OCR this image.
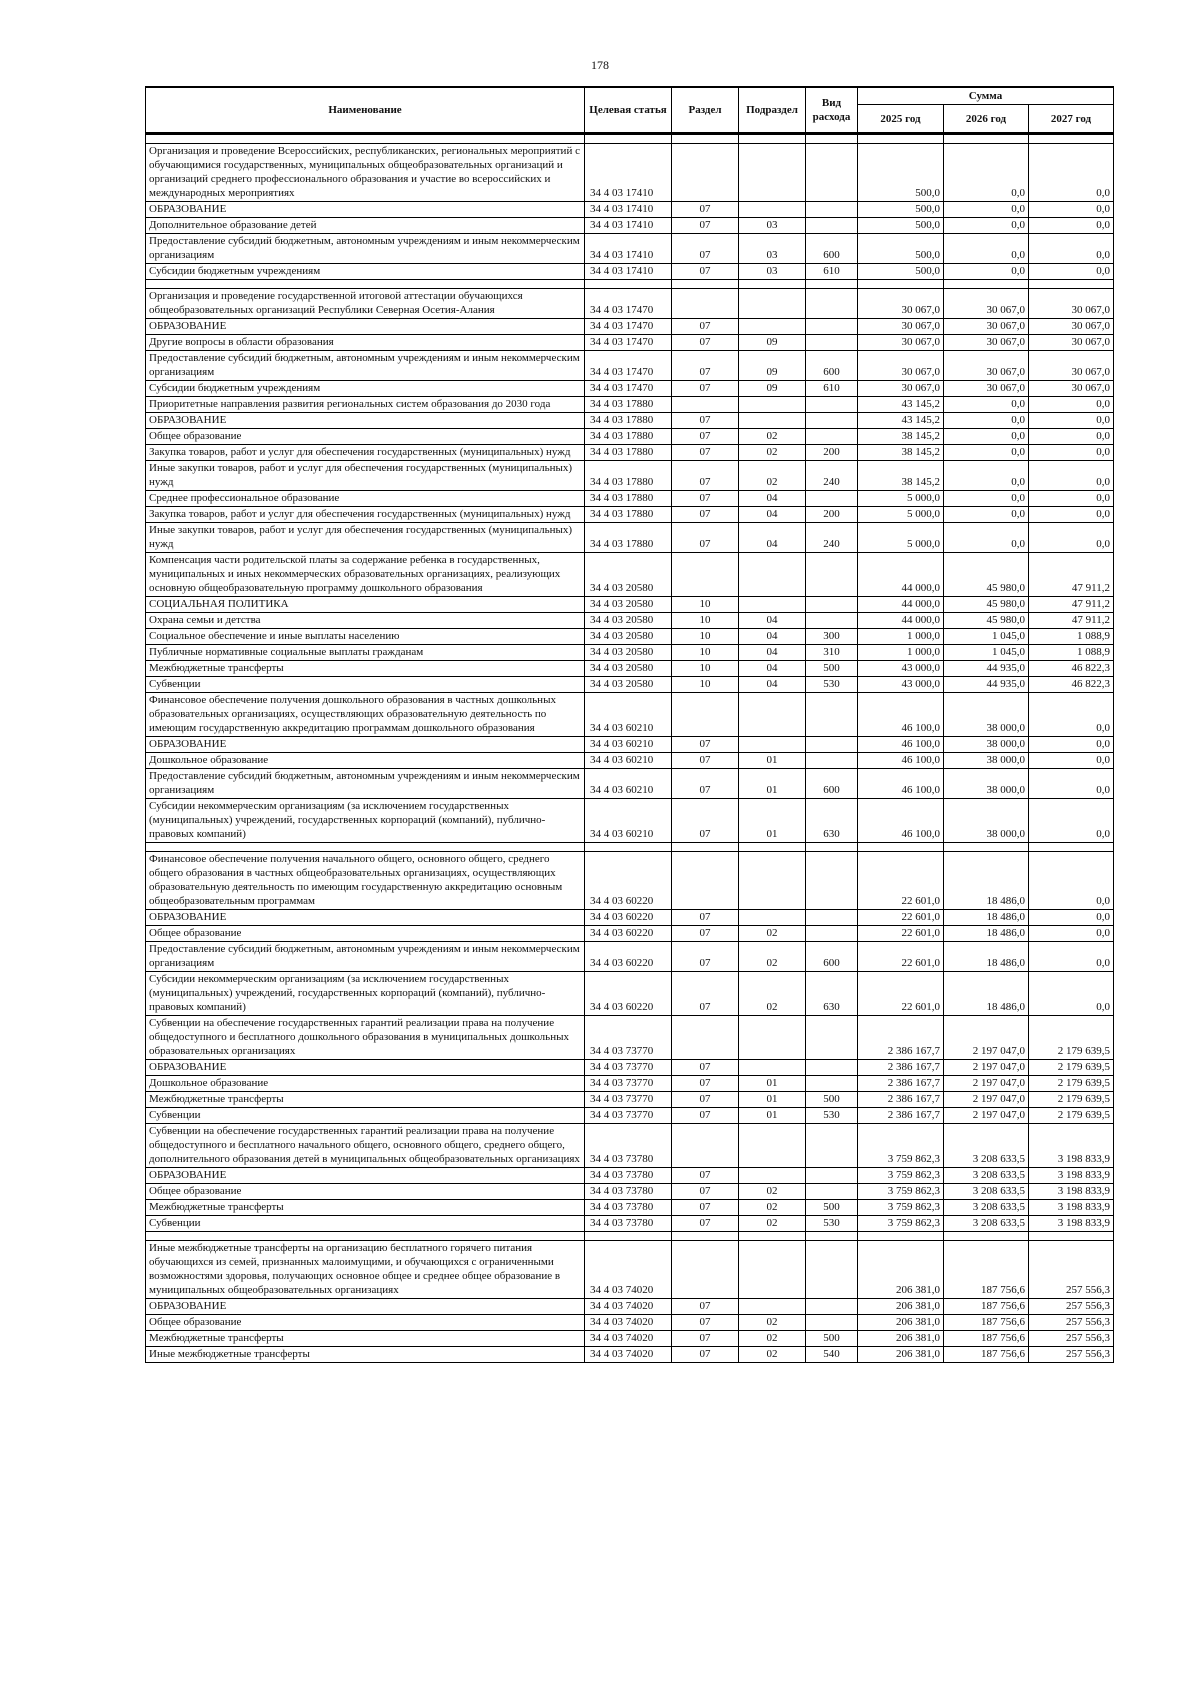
178
Наименование	Целевая статья	Раздел	Подраздел	Вид расхода	Сумма		
					2025 год	2026 год	2027 год

Организация и проведение Всероссийских, республиканских, региональных мероприятий с обучающимися государственных, муниципальных общеобразовательных организаций и организаций среднего профессионального образования и участие во всероссийских и международных мероприятиях	34 4 03 17410				500,0	0,0	0,0
ОБРАЗОВАНИЕ	34 4 03 17410	07			500,0	0,0	0,0
Дополнительное образование детей	34 4 03 17410	07	03		500,0	0,0	0,0
Предоставление субсидий бюджетным, автономным учреждениям и иным некоммерческим организациям	34 4 03 17410	07	03	600	500,0	0,0	0,0
Субсидии бюджетным учреждениям	34 4 03 17410	07	03	610	500,0	0,0	0,0

Организация и проведение государственной итоговой аттестации обучающихся общеобразовательных организаций Республики Северная Осетия-Алания	34 4 03 17470				30 067,0	30 067,0	30 067,0
ОБРАЗОВАНИЕ	34 4 03 17470	07			30 067,0	30 067,0	30 067,0
Другие вопросы в области образования	34 4 03 17470	07	09		30 067,0	30 067,0	30 067,0
Предоставление субсидий бюджетным, автономным учреждениям и иным некоммерческим организациям	34 4 03 17470	07	09	600	30 067,0	30 067,0	30 067,0
Субсидии бюджетным учреждениям	34 4 03 17470	07	09	610	30 067,0	30 067,0	30 067,0
Приоритетные направления развития региональных систем образования до 2030 года	34 4 03 17880				43 145,2	0,0	0,0
ОБРАЗОВАНИЕ	34 4 03 17880	07			43 145,2	0,0	0,0
Общее образование	34 4 03 17880	07	02		38 145,2	0,0	0,0
Закупка товаров, работ и услуг для обеспечения государственных (муниципальных) нужд	34 4 03 17880	07	02	200	38 145,2	0,0	0,0
Иные закупки товаров, работ и услуг для обеспечения государственных (муниципальных) нужд	34 4 03 17880	07	02	240	38 145,2	0,0	0,0
Среднее профессиональное образование	34 4 03 17880	07	04		5 000,0	0,0	0,0
Закупка товаров, работ и услуг для обеспечения государственных (муниципальных) нужд	34 4 03 17880	07	04	200	5 000,0	0,0	0,0
Иные закупки товаров, работ и услуг для обеспечения государственных (муниципальных) нужд	34 4 03 17880	07	04	240	5 000,0	0,0	0,0
Компенсация части родительской платы за содержание ребенка в государственных, муниципальных и иных некоммерческих образовательных организациях, реализующих основную общеобразовательную программу дошкольного образования	34 4 03 20580				44 000,0	45 980,0	47 911,2
СОЦИАЛЬНАЯ ПОЛИТИКА	34 4 03 20580	10			44 000,0	45 980,0	47 911,2
Охрана семьи и детства	34 4 03 20580	10	04		44 000,0	45 980,0	47 911,2
Социальное обеспечение и иные выплаты населению	34 4 03 20580	10	04	300	1 000,0	1 045,0	1 088,9
Публичные нормативные социальные выплаты гражданам	34 4 03 20580	10	04	310	1 000,0	1 045,0	1 088,9
Межбюджетные трансферты	34 4 03 20580	10	04	500	43 000,0	44 935,0	46 822,3
Субвенции	34 4 03 20580	10	04	530	43 000,0	44 935,0	46 822,3
Финансовое обеспечение получения дошкольного образования в частных дошкольных образовательных организациях, осуществляющих образовательную деятельность по имеющим государственную аккредитацию программам дошкольного образования	34 4 03 60210				46 100,0	38 000,0	0,0
ОБРАЗОВАНИЕ	34 4 03 60210	07			46 100,0	38 000,0	0,0
Дошкольное образование	34 4 03 60210	07	01		46 100,0	38 000,0	0,0
Предоставление субсидий бюджетным, автономным учреждениям и иным некоммерческим организациям	34 4 03 60210	07	01	600	46 100,0	38 000,0	0,0
Субсидии некоммерческим организациям (за исключением государственных (муниципальных) учреждений, государственных корпораций (компаний), публично-правовых компаний)	34 4 03 60210	07	01	630	46 100,0	38 000,0	0,0

Финансовое обеспечение получения начального общего, основного общего, среднего общего образования в частных общеобразовательных организациях, осуществляющих образовательную деятельность по имеющим государственную аккредитацию основным общеобразовательным программам	34 4 03 60220				22 601,0	18 486,0	0,0
ОБРАЗОВАНИЕ	34 4 03 60220	07			22 601,0	18 486,0	0,0
Общее образование	34 4 03 60220	07	02		22 601,0	18 486,0	0,0
Предоставление субсидий бюджетным, автономным учреждениям и иным некоммерческим организациям	34 4 03 60220	07	02	600	22 601,0	18 486,0	0,0
Субсидии некоммерческим организациям (за исключением государственных (муниципальных) учреждений, государственных корпораций (компаний), публично-правовых компаний)	34 4 03 60220	07	02	630	22 601,0	18 486,0	0,0
Субвенции на обеспечение государственных гарантий реализации права на получение общедоступного и бесплатного дошкольного образования в муниципальных дошкольных образовательных организациях	34 4 03 73770				2 386 167,7	2 197 047,0	2 179 639,5
ОБРАЗОВАНИЕ	34 4 03 73770	07			2 386 167,7	2 197 047,0	2 179 639,5
Дошкольное образование	34 4 03 73770	07	01		2 386 167,7	2 197 047,0	2 179 639,5
Межбюджетные трансферты	34 4 03 73770	07	01	500	2 386 167,7	2 197 047,0	2 179 639,5
Субвенции	34 4 03 73770	07	01	530	2 386 167,7	2 197 047,0	2 179 639,5
Субвенции на обеспечение государственных гарантий реализации права на получение общедоступного и бесплатного начального общего, основного общего, среднего общего, дополнительного образования детей в муниципальных общеобразовательных организациях	34 4 03 73780				3 759 862,3	3 208 633,5	3 198 833,9
ОБРАЗОВАНИЕ	34 4 03 73780	07			3 759 862,3	3 208 633,5	3 198 833,9
Общее образование	34 4 03 73780	07	02		3 759 862,3	3 208 633,5	3 198 833,9
Межбюджетные трансферты	34 4 03 73780	07	02	500	3 759 862,3	3 208 633,5	3 198 833,9
Субвенции	34 4 03 73780	07	02	530	3 759 862,3	3 208 633,5	3 198 833,9

Иные межбюджетные трансферты на организацию бесплатного горячего питания обучающихся из семей, признанных малоимущими, и обучающихся с ограниченными возможностями здоровья, получающих основное общее и среднее общее образование в муниципальных общеобразовательных организациях	34 4 03 74020				206 381,0	187 756,6	257 556,3
ОБРАЗОВАНИЕ	34 4 03 74020	07			206 381,0	187 756,6	257 556,3
Общее образование	34 4 03 74020	07	02		206 381,0	187 756,6	257 556,3
Межбюджетные трансферты	34 4 03 74020	07	02	500	206 381,0	187 756,6	257 556,3
Иные межбюджетные трансферты	34 4 03 74020	07	02	540	206 381,0	187 756,6	257 556,3
